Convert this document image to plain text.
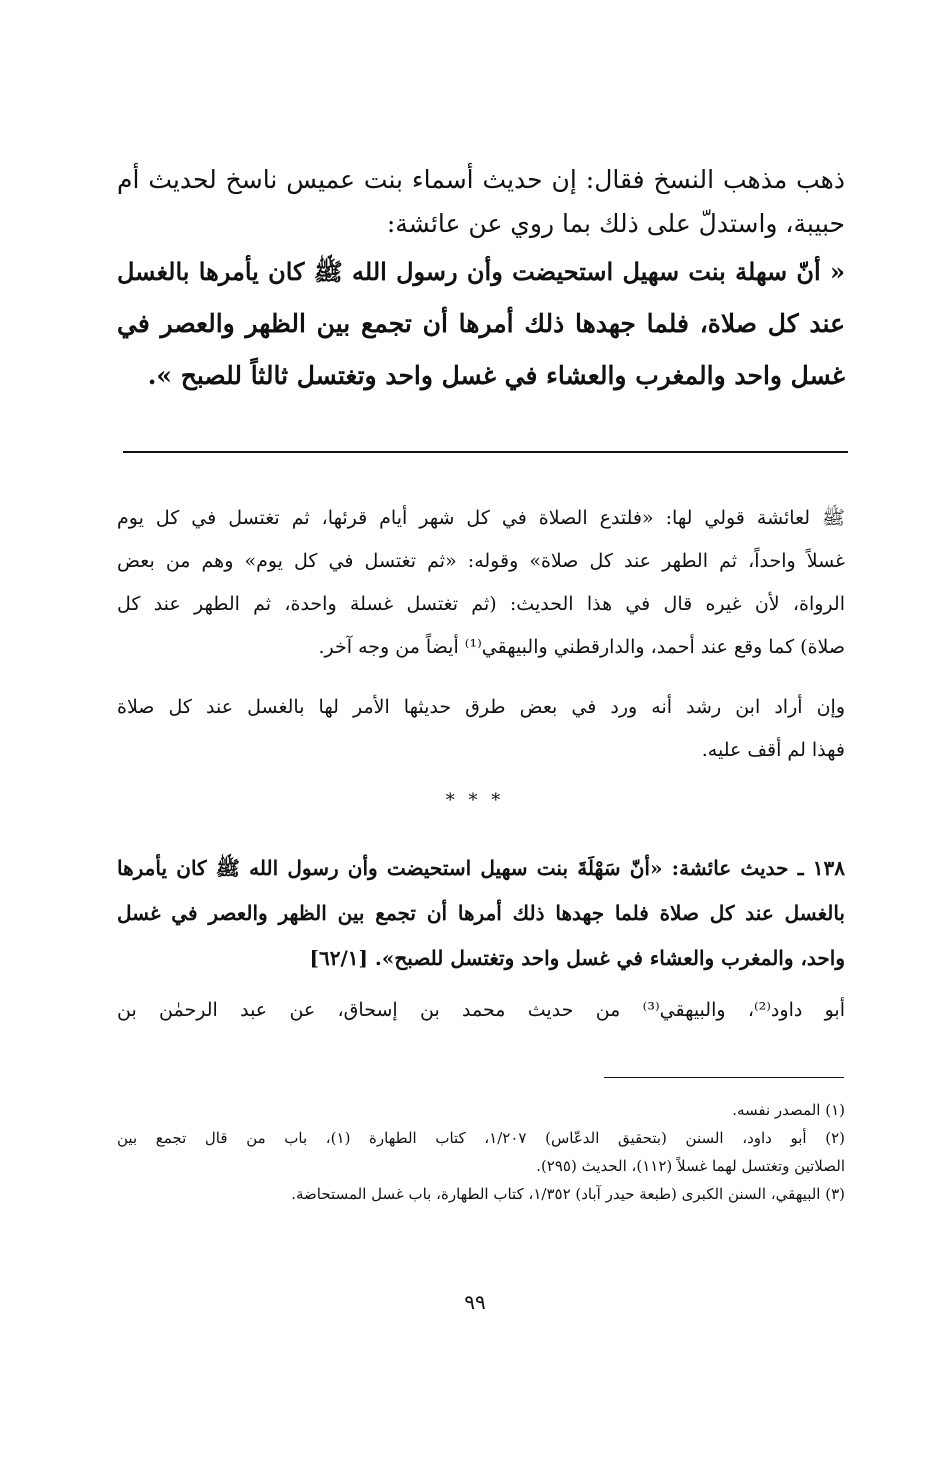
ذهب مذهب النسخ فقال: إن حديث أسماء بنت عميس ناسخ لحديث أم
حبيبة، واستدلّ على ذلك بما روي عن عائشة:
« أنّ سهلة بنت سهيل استحيضت وأن رسول الله ﷺ كان يأمرها بالغسل
عند كل صلاة، فلما جهدها ذلك أمرها أن تجمع بين الظهر والعصر في
غسل واحد والمغرب والعشاء في غسل واحد وتغتسل ثالثاً للصبح ».
ﷺ لعائشة قولي لها: «فلتدع الصلاة في كل شهر أيام قرئها، ثم تغتسل في كل يوم
غسلاً واحداً، ثم الطهر عند كل صلاة» وقوله: «ثم تغتسل في كل يوم» وهم من بعض
الرواة، لأن غيره قال في هذا الحديث: (ثم تغتسل غسلة واحدة، ثم الطهر عند كل
صلاة) كما وقع عند أحمد، والدارقطني والبيهقي⁽¹⁾ أيضاً من وجه آخر.
وإن أراد ابن رشد أنه ورد في بعض طرق حديثها الأمر لها بالغسل عند كل صلاة
فهذا لم أقف عليه.
* * *
١٣٨ ـ حديث عائشة: «أنّ سَهْلَةَ بنت سهيل استحيضت وأن رسول الله ﷺ كان يأمرها
بالغسل عند كل صلاة فلما جهدها ذلك أمرها أن تجمع بين الظهر والعصر في غسل
واحد، والمغرب والعشاء في غسل واحد وتغتسل للصبح». [٦٢/١]
أبو داود⁽²⁾، والبيهقي⁽³⁾ من حديث محمد بن إسحاق، عن عبد الرحمٰن بن
(١) المصدر نفسه.
(٢) أبو داود، السنن (بتحقيق الدعّاس) ١/٢٠٧، كتاب الطهارة (١)، باب من قال تجمع بين
الصلاتين وتغتسل لهما غسلاً (١١٢)، الحديث (٢٩٥).
(٣) البيهقي، السنن الكبرى (طبعة حيدر آباد) ١/٣٥٢، كتاب الطهارة، باب غسل المستحاضة.
٩٩
